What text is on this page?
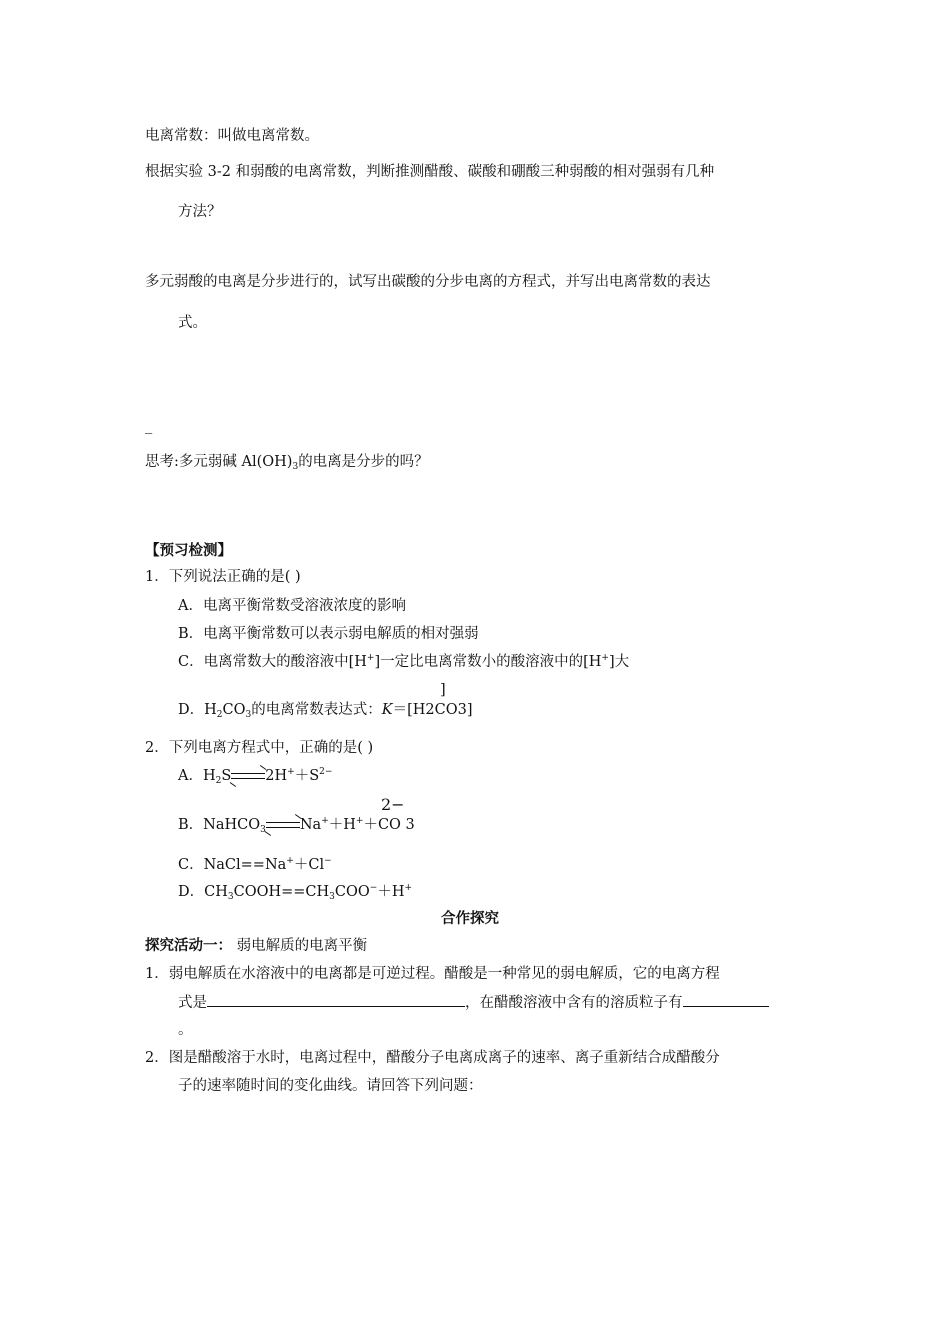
电离常数：叫做电离常数。
根据实验 3-2 和弱酸的电离常数，判断推测醋酸、碳酸和硼酸三种弱酸的相对强弱有几种
方法？
多元弱酸的电离是分步进行的，试写出碳酸的分步电离的方程式，并写出电离常数的表达
式。
_
思考:多元弱碱 $Al(OH)_3$的电离是分步的吗？
【预习检测】
1．下列说法正确的是( )
A．电离平衡常数受溶液浓度的影响
B．电离平衡常数可以表示弱电解质的相对强弱
C．电离常数大的酸溶液中[H+]一定比电离常数小的酸溶液中的[H+]大
]
D．$H_2CO_3$的电离常数表达式：K＝[H2CO3]
2．下列电离方程式中，正确的是( )
A．$H_2S$ $2H^++S^{2-}$
2−
B．NaHCO$_3$ Na+＋H+＋CO 3
C．NaCl==Na+＋Cl−
D．$CH_3COOH==CH_3COO^-+H^+$
合作探究
探究活动一： 弱电解质的电离平衡
1．弱电解质在水溶液中的电离都是可逆过程。醋酸是一种常见的弱电解质，它的电离方程
式是	，在醋酸溶液中含有的溶质粒子有
。
2．图是醋酸溶于水时，电离过程中，醋酸分子电离成离子的速率、离子重新结合成醋酸分
子的速率随时间的变化曲线。请回答下列问题：
